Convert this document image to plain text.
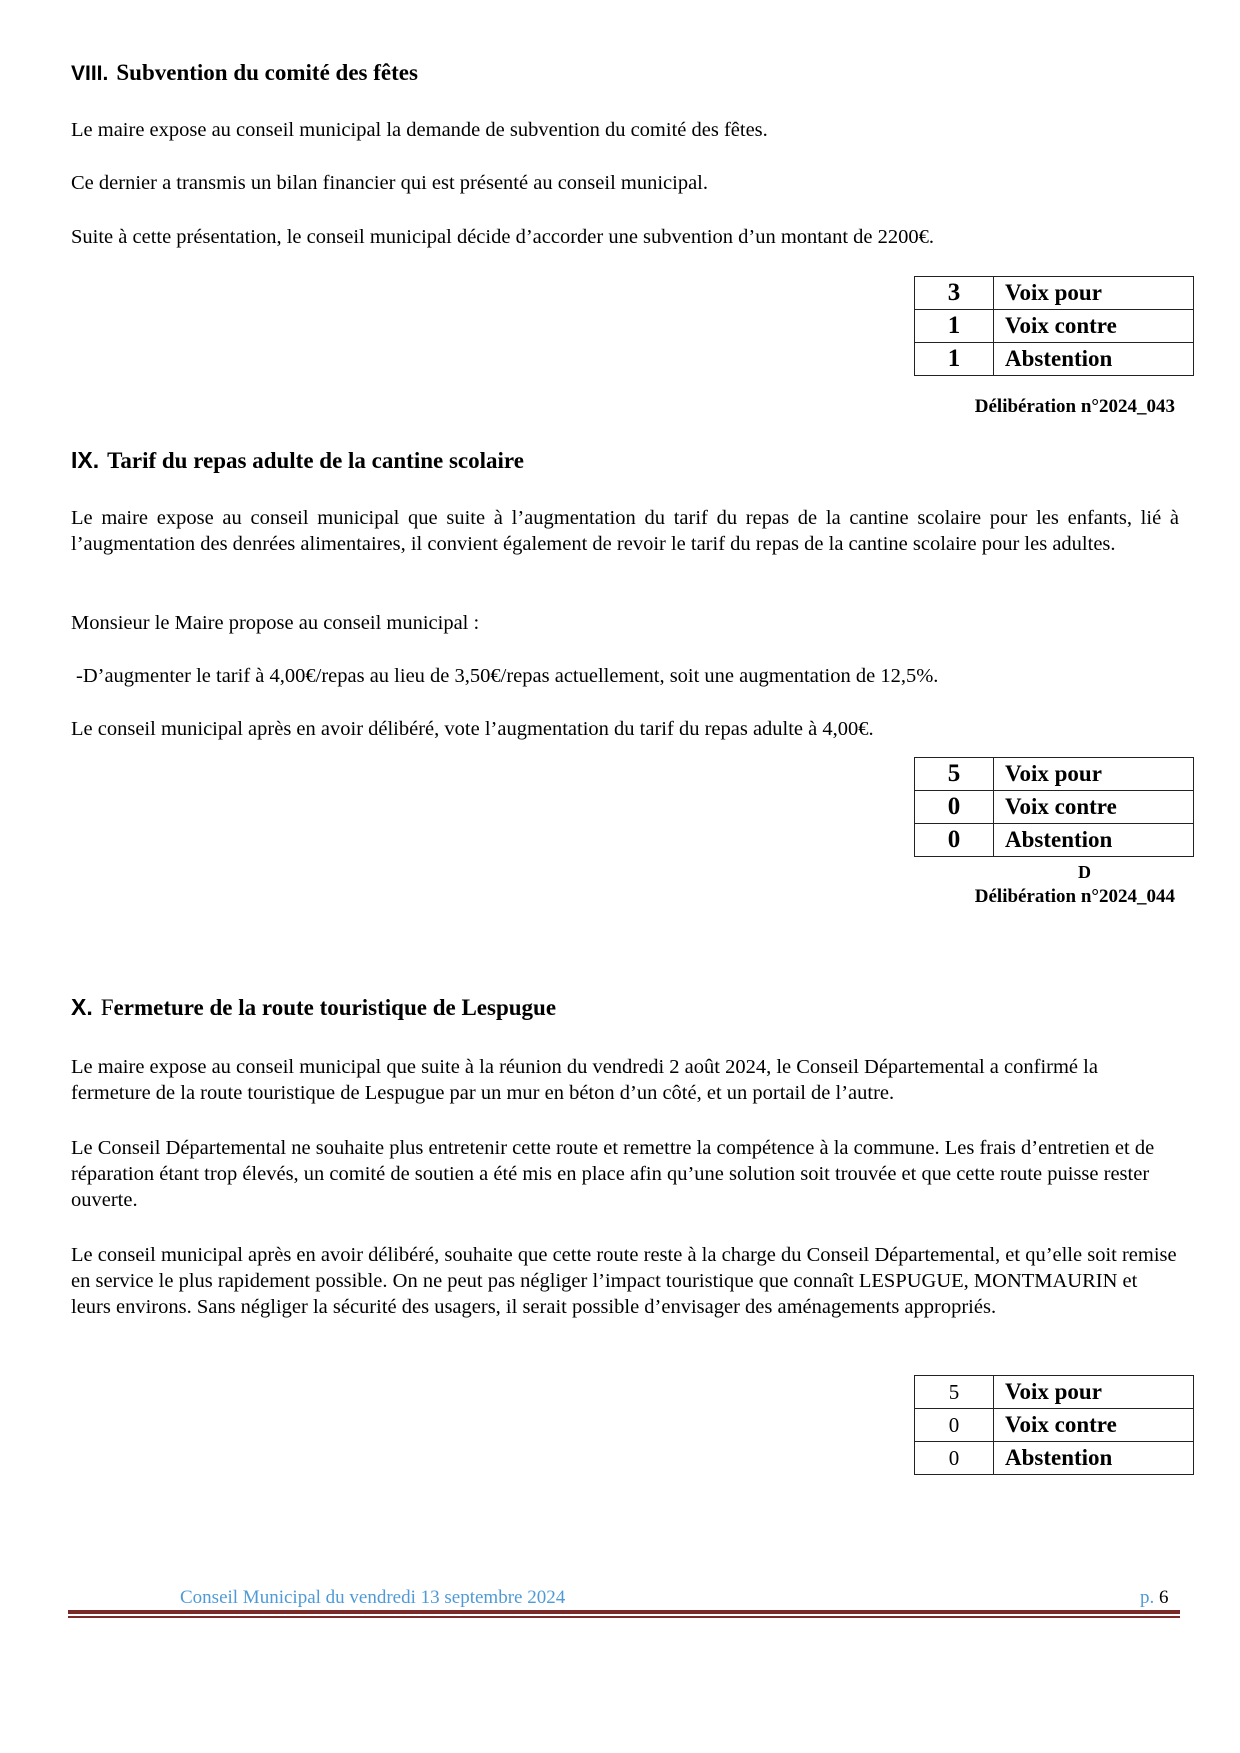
VIII. Subvention du comité des fêtes
Le maire expose au conseil municipal la demande de subvention du comité des fêtes.
Ce dernier a transmis un bilan financier qui est présenté au conseil municipal.
Suite à cette présentation, le conseil municipal décide d’accorder une subvention d’un montant de 2200€.
3	Voix pour
1	Voix contre
1	Abstention
Délibération n°2024_043
IX. Tarif du repas adulte de la cantine scolaire
Le maire expose au conseil municipal que suite à l’augmentation du tarif du repas de la cantine scolaire pour les enfants, lié à l’augmentation des denrées alimentaires, il convient également de revoir le tarif du repas de la cantine scolaire pour les adultes.
Monsieur le Maire propose au conseil municipal :
-D’augmenter le tarif à 4,00€/repas au lieu de 3,50€/repas actuellement, soit une augmentation de 12,5%.
Le conseil municipal après en avoir délibéré, vote l’augmentation du tarif du repas adulte à 4,00€.
5	Voix pour
0	Voix contre
0	Abstention
D
Délibération n°2024_044
X. Fermeture de la route touristique de Lespugue
Le maire expose au conseil municipal que suite à la réunion du vendredi 2 août 2024, le Conseil Départemental a confirmé la fermeture de la route touristique de Lespugue par un mur en béton d’un côté, et un portail de l’autre.
Le Conseil Départemental ne souhaite plus entretenir cette route et remettre la compétence à la commune. Les frais d’entretien et de réparation étant trop élevés, un comité de soutien a été mis en place afin qu’une solution soit trouvée et que cette route puisse rester ouverte.
Le conseil municipal après en avoir délibéré, souhaite que cette route reste à la charge du Conseil Départemental, et qu’elle soit remise en service le plus rapidement possible. On ne peut pas négliger l’impact touristique que connaît LESPUGUE, MONTMAURIN et leurs environs. Sans négliger la sécurité des usagers, il serait possible d’envisager des aménagements appropriés.
5	Voix pour
0	Voix contre
0	Abstention
Conseil Municipal du vendredi 13 septembre 2024	p. 6
